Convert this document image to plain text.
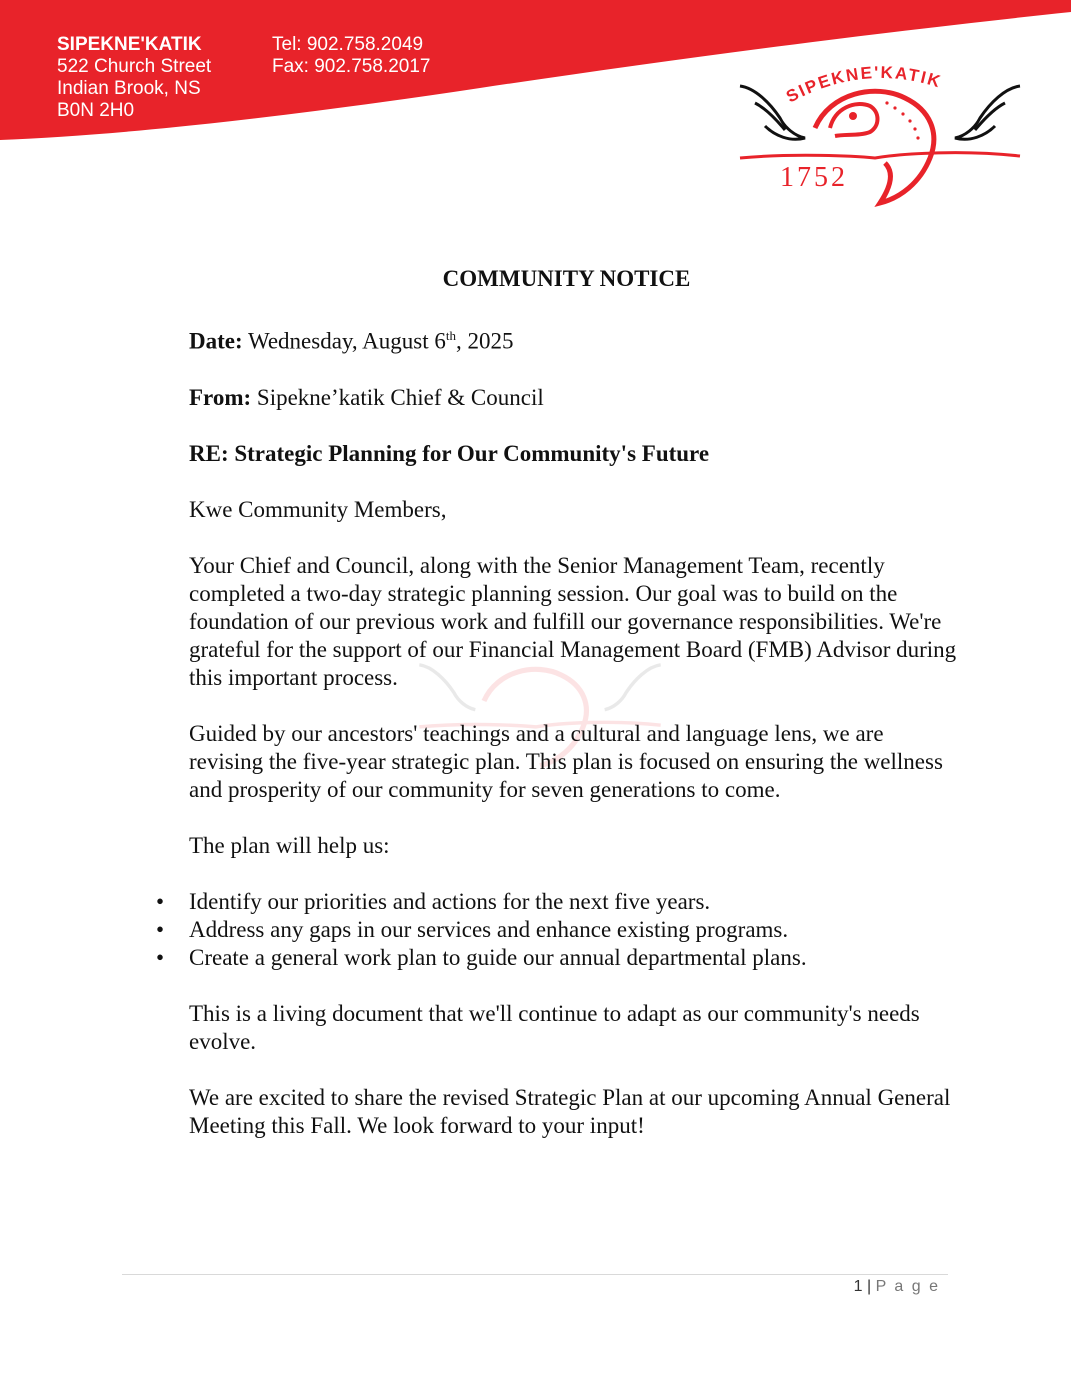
SIPEKNE'KATIK
522 Church Street
Indian Brook, NS
B0N 2H0
Tel: 902.758.2049
Fax: 902.758.2017
SIPEKNE'KATIK
1752
COMMUNITY NOTICE

Date: Wednesday, August 6th, 2025

From: Sipekne’katik Chief & Council

RE: Strategic Planning for Our Community's Future

Kwe Community Members,

Your Chief and Council, along with the Senior Management Team, recently completed a two-day strategic planning session. Our goal was to build on the foundation of our previous work and fulfill our governance responsibilities. We're grateful for the support of our Financial Management Board (FMB) Advisor during this important process.

Guided by our ancestors' teachings and a cultural and language lens, we are revising the five-year strategic plan. This plan is focused on ensuring the wellness and prosperity of our community for seven generations to come.

The plan will help us:

• Identify our priorities and actions for the next five years.
• Address any gaps in our services and enhance existing programs.
• Create a general work plan to guide our annual departmental plans.

This is a living document that we'll continue to adapt as our community's needs evolve.

We are excited to share the revised Strategic Plan at our upcoming Annual General Meeting this Fall. We look forward to your input!

1 | P a g e
